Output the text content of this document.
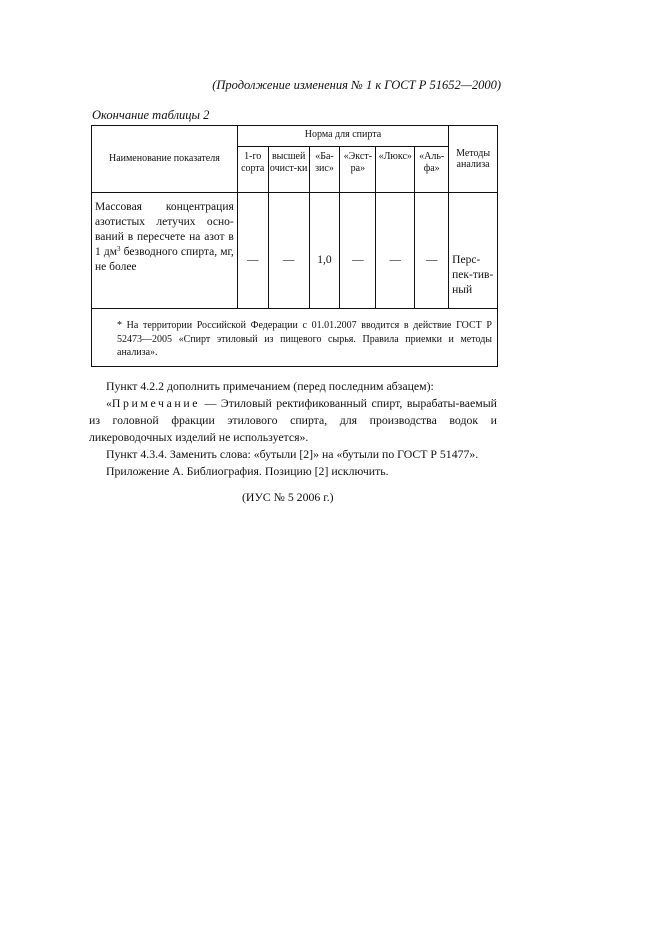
(Продолжение изменения № 1 к ГОСТ Р 51652—2000)
Окончание таблицы 2
Наименование показателя	Норма для спирта						Методы анализа
	1-го сорта	высшей очист-ки	«Ба-зис»	«Экст-ра»	«Люкс»	«Аль-фа»	
Массовая концентрация азотистых летучих осно-ваний в пересчете на азот в 1 $дм^3$ безводного спирта, мг, не более	—	—	1,0	—	—	—	Перс-пек-тив-ный
* На территории Российской Федерации с 01.01.2007 вводится в действие ГОСТ Р 52473—2005 «Спирт этиловый из пищевого сырья. Правила приемки и методы анализа».							

Пункт 4.2.2 дополнить примечанием (перед последним абзацем):

«Примечание — Этиловый ректификованный спирт, вырабаты-ваемый из головной фракции этилового спирта, для производства водок и ликероводочных изделий не используется».

Пункт 4.3.4. Заменить слова: «бутыли [2]» на «бутыли по ГОСТ Р 51477».

Приложение А. Библиография. Позицию [2] исключить.

(ИУС № 5 2006 г.)
